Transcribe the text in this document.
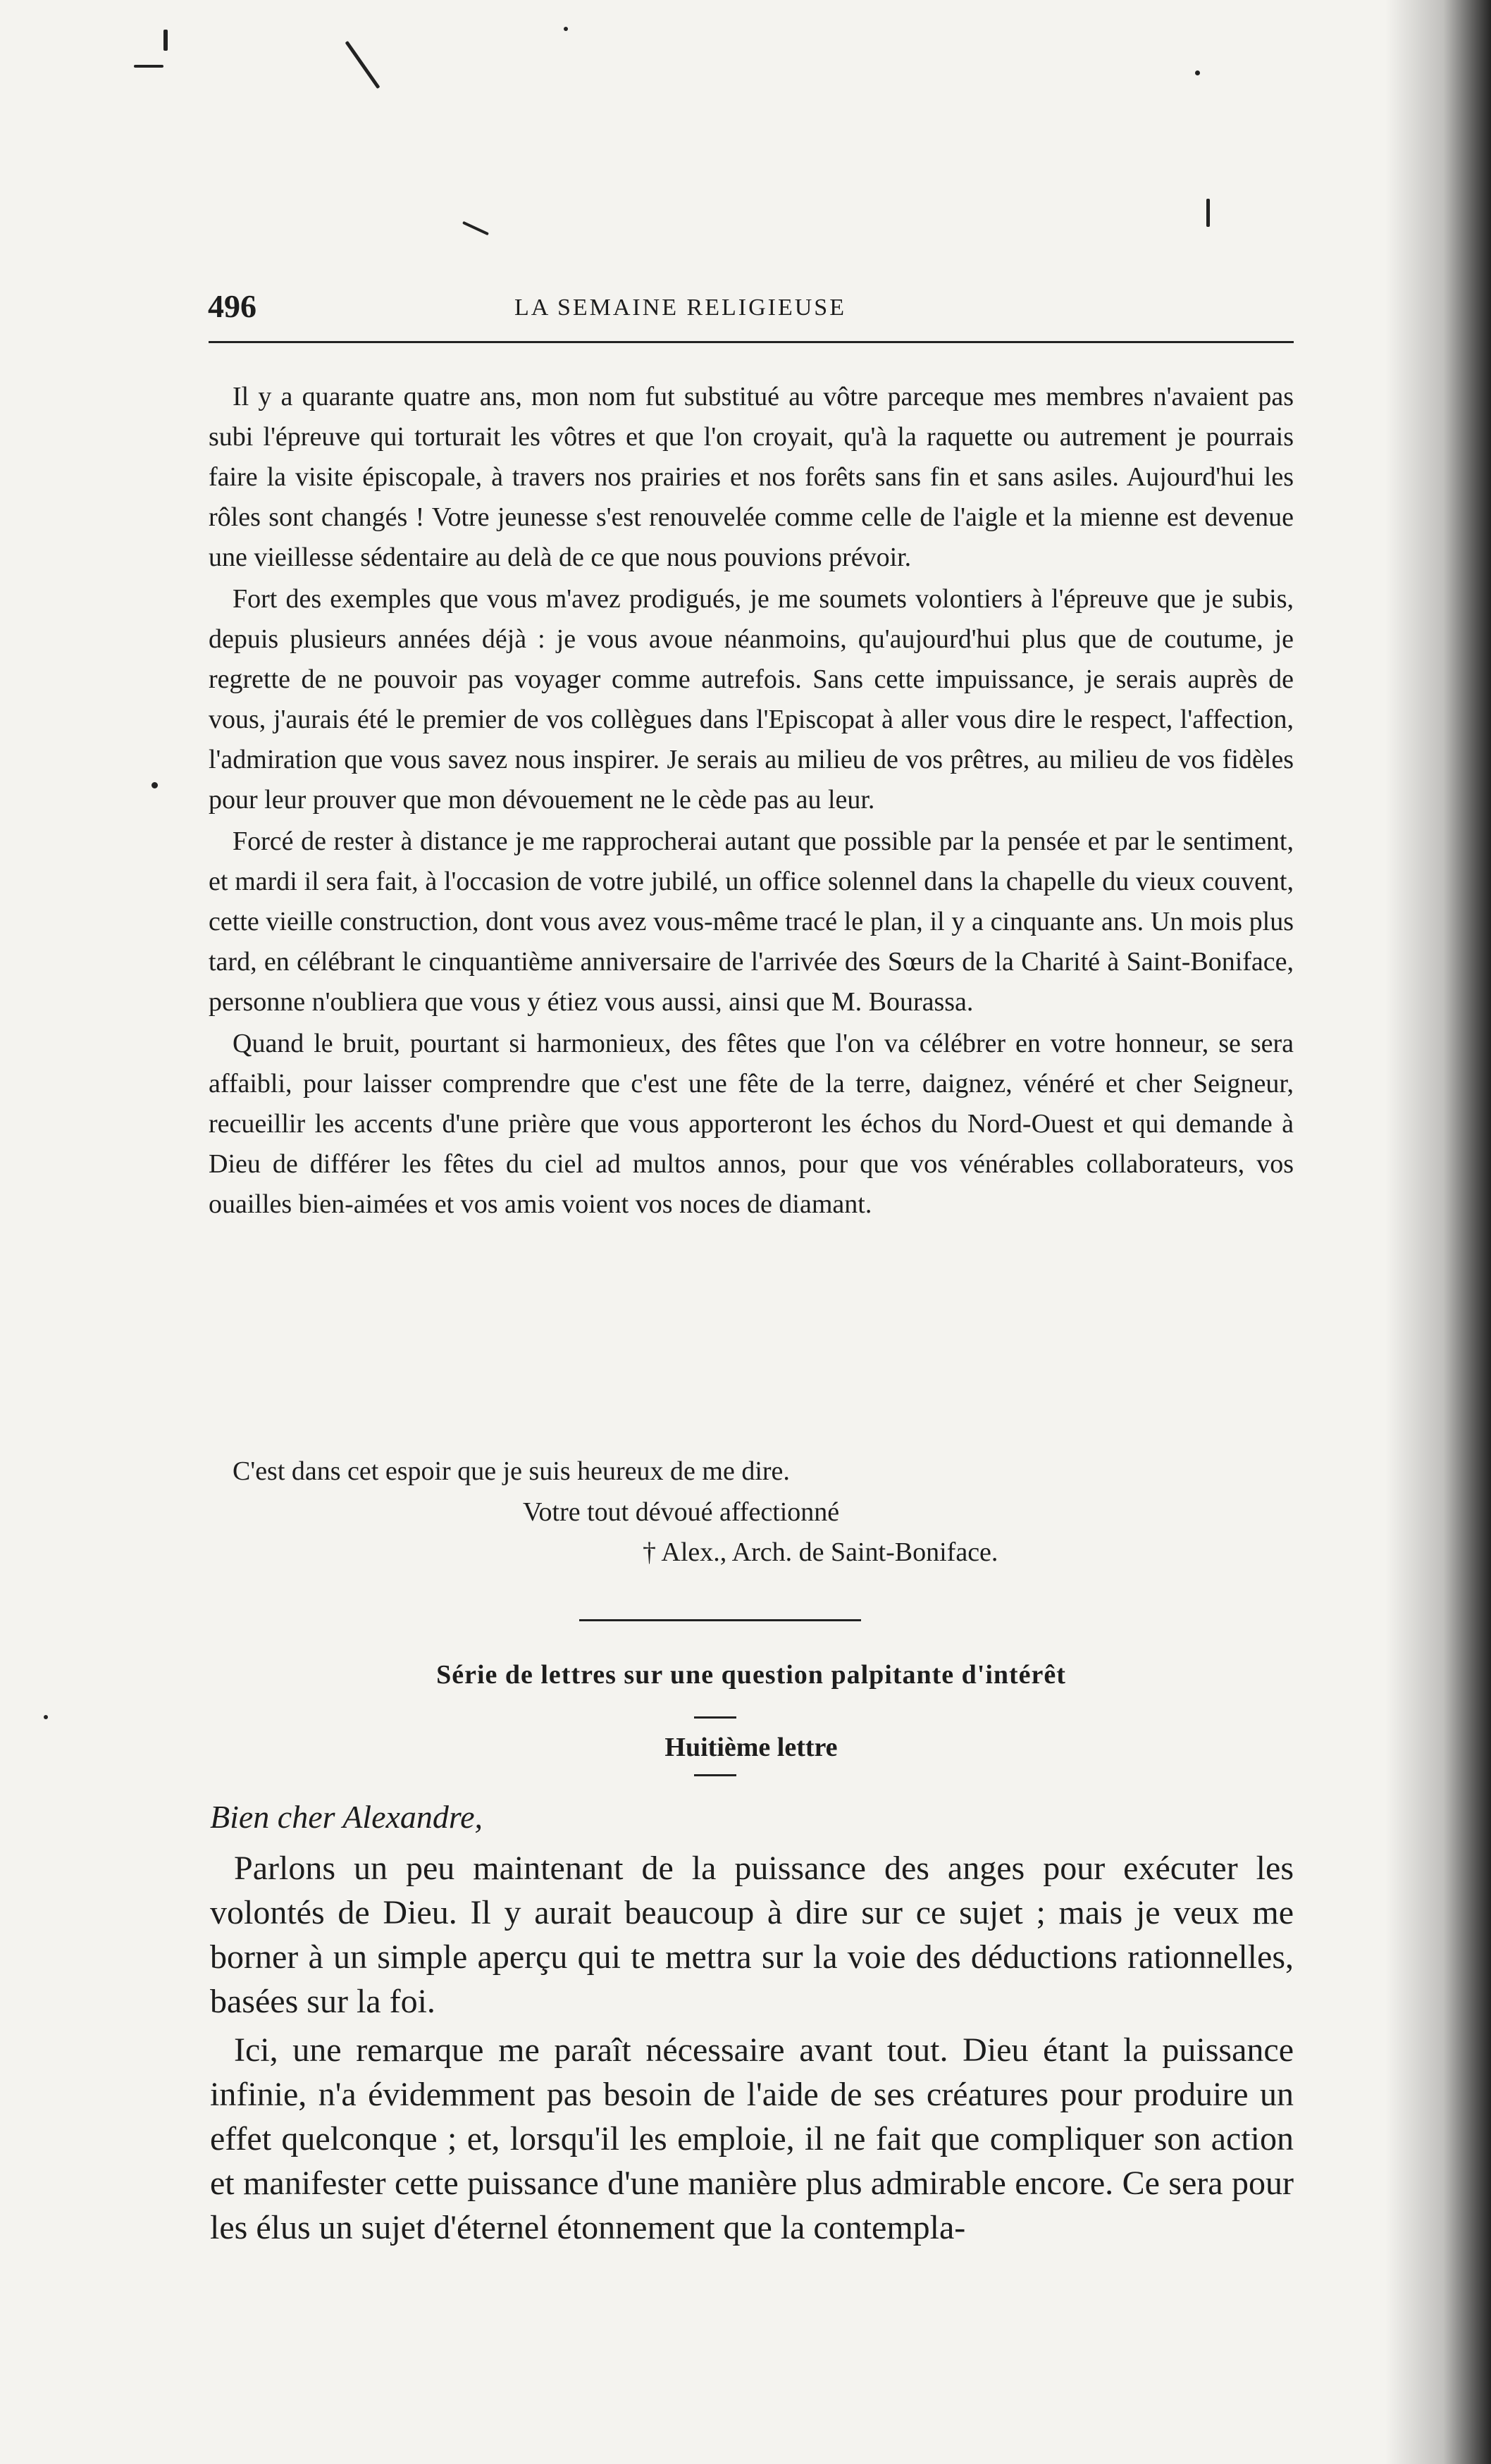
496	LA SEMAINE RELIGIEUSE

Il y a quarante quatre ans, mon nom fut substitué au vôtre parceque mes membres n'avaient pas subi l'épreuve qui torturait les vôtres et que l'on croyait, qu'à la raquette ou autrement je pourrais faire la visite épiscopale, à travers nos prairies et nos forêts sans fin et sans asiles. Aujourd'hui les rôles sont changés ! Votre jeunesse s'est renouvelée comme celle de l'aigle et la mienne est devenue une vieillesse sédentaire au delà de ce que nous pouvions prévoir.

Fort des exemples que vous m'avez prodigués, je me soumets volontiers à l'épreuve que je subis, depuis plusieurs années déjà : je vous avoue néanmoins, qu'aujourd'hui plus que de coutume, je regrette de ne pouvoir pas voyager comme autrefois. Sans cette impuissance, je serais auprès de vous, j'aurais été le premier de vos collègues dans l'Episcopat à aller vous dire le respect, l'affection, l'admiration que vous savez nous inspirer. Je serais au milieu de vos prêtres, au milieu de vos fidèles pour leur prouver que mon dévouement ne le cède pas au leur.

Forcé de rester à distance je me rapprocherai autant que possible par la pensée et par le sentiment, et mardi il sera fait, à l'occasion de votre jubilé, un office solennel dans la chapelle du vieux couvent, cette vieille construction, dont vous avez vous-même tracé le plan, il y a cinquante ans. Un mois plus tard, en célébrant le cinquantième anniversaire de l'arrivée des Sœurs de la Charité à Saint-Boniface, personne n'oubliera que vous y étiez vous aussi, ainsi que M. Bourassa.

Quand le bruit, pourtant si harmonieux, des fêtes que l'on va célébrer en votre honneur, se sera affaibli, pour laisser comprendre que c'est une fête de la terre, daignez, vénéré et cher Seigneur, recueillir les accents d'une prière que vous apporteront les échos du Nord-Ouest et qui demande à Dieu de différer les fêtes du ciel ad multos annos, pour que vos vénérables collaborateurs, vos ouailles bien-aimées et vos amis voient vos noces de diamant.

C'est dans cet espoir que je suis heureux de me dire.
Votre tout dévoué affectionné
† Alex., Arch. de Saint-Boniface.
Série de lettres sur une question palpitante d'intérêt
Huitième lettre
Bien cher Alexandre,

Parlons un peu maintenant de la puissance des anges pour exécuter les volontés de Dieu. Il y aurait beaucoup à dire sur ce sujet ; mais je veux me borner à un simple aperçu qui te mettra sur la voie des déductions rationnelles, basées sur la foi.

Ici, une remarque me paraît nécessaire avant tout. Dieu étant la puissance infinie, n'a évidemment pas besoin de l'aide de ses créatures pour produire un effet quelconque ; et, lorsqu'il les emploie, il ne fait que compliquer son action et manifester cette puissance d'une manière plus admirable encore. Ce sera pour les élus un sujet d'éternel étonnement que la contempla-
